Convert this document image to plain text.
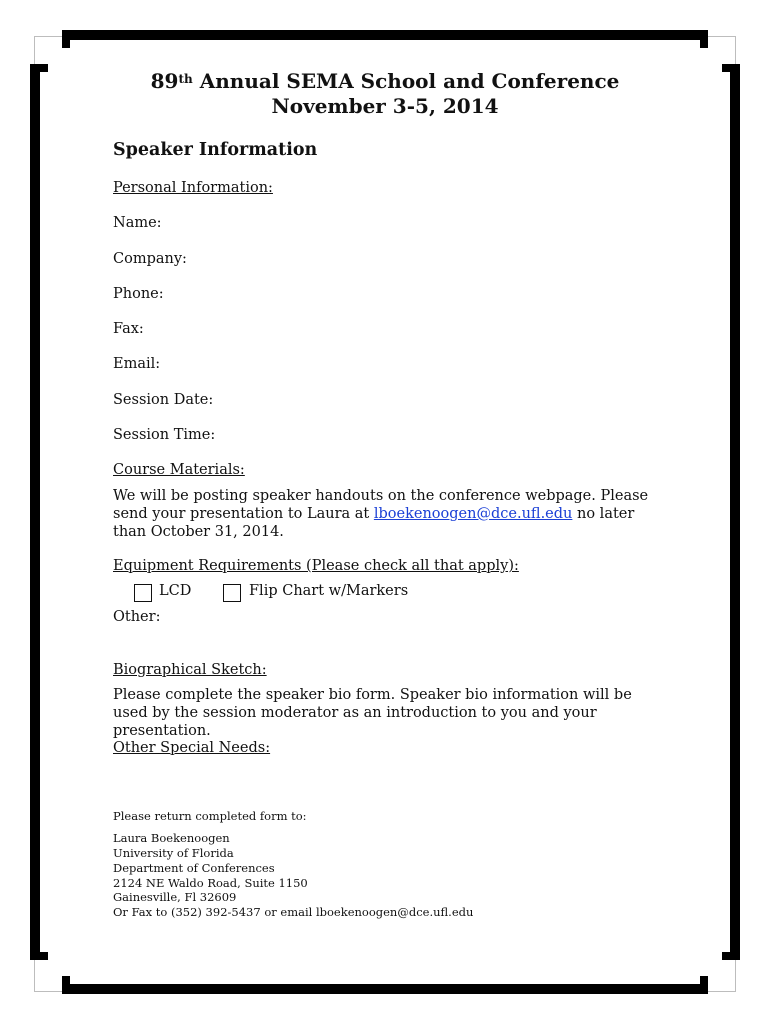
89th Annual SEMA School and Conference
November 3-5, 2014
Speaker Information
Personal Information:
Name:
Company:
Phone:
Fax:
Email:
Session Date:
Session Time:
Course Materials:
We will be posting speaker handouts on the conference webpage. Please send your presentation to Laura at lboekenoogen@dce.ufl.edu no later than October 31, 2014.
Equipment Requirements (Please check all that apply):
LCD	Flip Chart w/Markers
Other:
Biographical Sketch:
Please complete the speaker bio form. Speaker bio information will be used by the session moderator as an introduction to you and your presentation.
Other Special Needs:
Please return completed form to:
Laura Boekenoogen
University of Florida
Department of Conferences
2124 NE Waldo Road, Suite 1150
Gainesville, Fl 32609
Or Fax to (352) 392-5437 or email lboekenoogen@dce.ufl.edu
